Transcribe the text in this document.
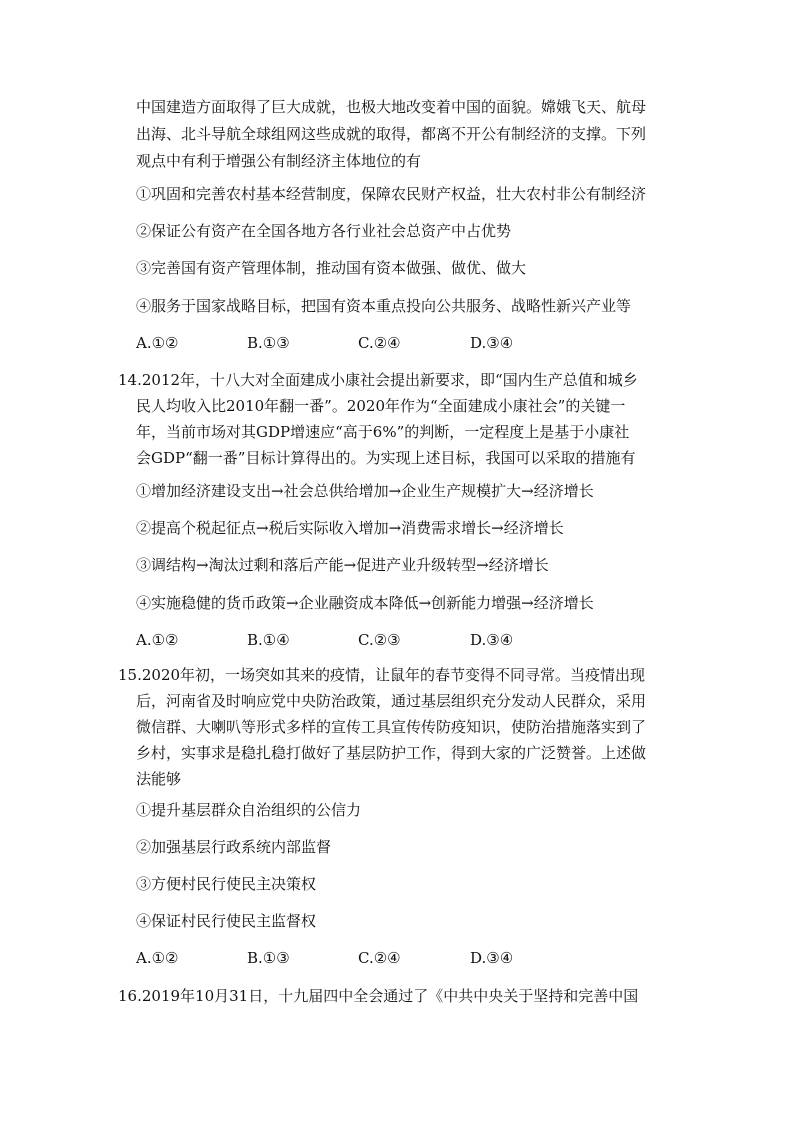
中国建造方面取得了巨大成就，也极大地改变着中国的面貌。嫦娥飞天、航母
出海、北斗导航全球组网这些成就的取得，都离不开公有制经济的支撑。下列
观点中有利于增强公有制经济主体地位的有
①巩固和完善农村基本经营制度，保障农民财产权益，壮大农村非公有制经济
②保证公有资产在全国各地方各行业社会总资产中占优势
③完善国有资产管理体制，推动国有资本做强、做优、做大
④服务于国家战略目标，把国有资本重点投向公共服务、战略性新兴产业等
A.①②	B.①③	C.②④	D.③④
14.2012年，十八大对全面建成小康社会提出新要求，即“国内生产总值和城乡
民人均收入比2010年翻一番”。2020年作为“全面建成小康社会”的关键一
年，当前市场对其GDP增速应“高于6%”的判断，一定程度上是基于小康社
会GDP“翻一番”目标计算得出的。为实现上述目标，我国可以采取的措施有
①增加经济建设支出→社会总供给增加→企业生产规模扩大→经济增长
②提高个税起征点→税后实际收入增加→消费需求增长→经济增长
③调结构→淘汰过剩和落后产能→促进产业升级转型→经济增长
④实施稳健的货币政策→企业融资成本降低→创新能力增强→经济增长
A.①②	B.①④	C.②③	D.③④
15.2020年初，一场突如其来的疫情，让鼠年的春节变得不同寻常。当疫情出现
后，河南省及时响应党中央防治政策，通过基层组织充分发动人民群众，采用
微信群、大喇叭等形式多样的宣传工具宣传传防疫知识，使防治措施落实到了
乡村，实事求是稳扎稳打做好了基层防护工作，得到大家的广泛赞誉。上述做
法能够
①提升基层群众自治组织的公信力
②加强基层行政系统内部监督
③方便村民行使民主决策权
④保证村民行使民主监督权
A.①②	B.①③	C.②④	D.③④
16.2019年10月31日，十九届四中全会通过了《中共中央关于坚持和完善中国
